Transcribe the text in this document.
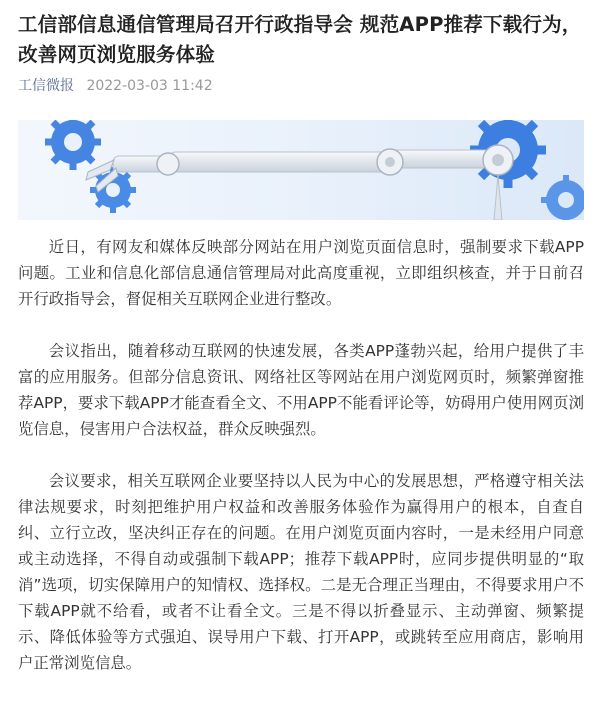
工信部信息通信管理局召开行政指导会 规范APP推荐下载行为，改善网页浏览服务体验
工信微报 2022-03-03 11:42

近日，有网友和媒体反映部分网站在用户浏览页面信息时，强制要求下载APP问题。工业和信息化部信息通信管理局对此高度重视，立即组织核查，并于日前召开行政指导会，督促相关互联网企业进行整改。

会议指出，随着移动互联网的快速发展，各类APP蓬勃兴起，给用户提供了丰富的应用服务。但部分信息资讯、网络社区等网站在用户浏览网页时，频繁弹窗推荐APP，要求下载APP才能查看全文、不用APP不能看评论等，妨碍用户使用网页浏览信息，侵害用户合法权益，群众反映强烈。

会议要求，相关互联网企业要坚持以人民为中心的发展思想，严格遵守相关法律法规要求，时刻把维护用户权益和改善服务体验作为赢得用户的根本，自查自纠、立行立改，坚决纠正存在的问题。在用户浏览页面内容时，一是未经用户同意或主动选择，不得自动或强制下载APP；推荐下载APP时，应同步提供明显的“取消”选项，切实保障用户的知情权、选择权。二是无合理正当理由，不得要求用户不下载APP就不给看，或者不让看全文。三是不得以折叠显示、主动弹窗、频繁提示、降低体验等方式强迫、误导用户下载、打开APP，或跳转至应用商店，影响用户正常浏览信息。
